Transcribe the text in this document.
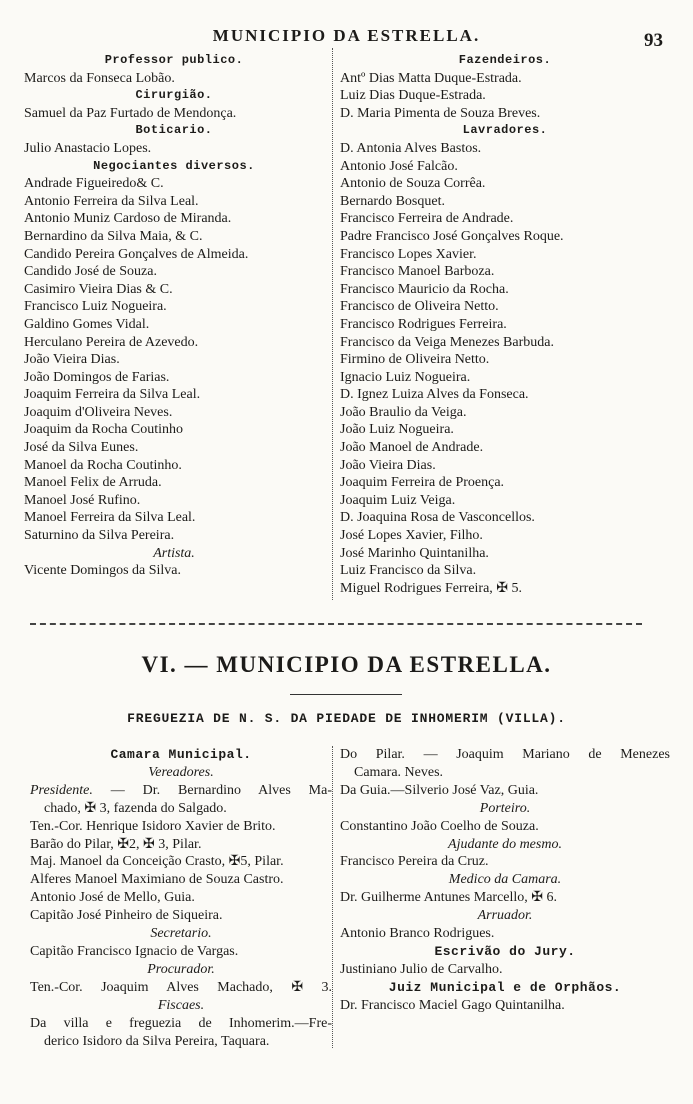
MUNICIPIO DA ESTRELLA.	93
Professor publico.
Marcos da Fonseca Lobão.
Cirurgião.
Samuel da Paz Furtado de Mendonça.
Boticario.
Julio Anastacio Lopes.
Negociantes diversos.
Andrade Figueiredo& C.
Antonio Ferreira da Silva Leal.
Antonio Muniz Cardoso de Miranda.
Bernardino da Silva Maia, & C.
Candido Pereira Gonçalves de Almeida.
Candido José de Souza.
Casimiro Vieira Dias & C.
Francisco Luiz Nogueira.
Galdino Gomes Vidal.
Herculano Pereira de Azevedo.
João Vieira Dias.
João Domingos de Farias.
Joaquim Ferreira da Silva Leal.
Joaquim d'Oliveira Neves.
Joaquim da Rocha Coutinho
José da Silva Eunes.
Manoel da Rocha Coutinho.
Manoel Felix de Arruda.
Manoel José Rufino.
Manoel Ferreira da Silva Leal.
Saturnino da Silva Pereira.
Artista.
Vicente Domingos da Silva.
Fazendeiros.
Antº Dias Matta Duque-Estrada.
Luiz Dias Duque-Estrada.
D. Maria Pimenta de Souza Breves.
Lavradores.
D. Antonia Alves Bastos.
Antonio José Falcão.
Antonio de Souza Corrêa.
Bernardo Bosquet.
Francisco Ferreira de Andrade.
Padre Francisco José Gonçalves Roque.
Francisco Lopes Xavier.
Francisco Manoel Barboza.
Francisco Mauricio da Rocha.
Francisco de Oliveira Netto.
Francisco Rodrigues Ferreira.
Francisco da Veiga Menezes Barbuda.
Firmino de Oliveira Netto.
Ignacio Luiz Nogueira.
D. Ignez Luiza Alves da Fonseca.
João Braulio da Veiga.
João Luiz Nogueira.
João Manoel de Andrade.
João Vieira Dias.
Joaquim Ferreira de Proença.
Joaquim Luiz Veiga.
D. Joaquina Rosa de Vasconcellos.
José Lopes Xavier, Filho.
José Marinho Quintanilha.
Luiz Francisco da Silva.
Miguel Rodrigues Ferreira, ✠ 5.
VI. — MUNICIPIO DA ESTRELLA.
FREGUEZIA DE N. S. DA PIEDADE DE INHOMERIM (VILLA).
Camara Municipal.
Vereadores.
Presidente. — Dr. Bernardino Alves Ma-
chado, ✠ 3, fazenda do Salgado.
Ten.-Cor. Henrique Isidoro Xavier de Brito.
Barão do Pilar, ✠2, ✠ 3, Pilar.
Maj. Manoel da Conceição Crasto, ✠5, Pilar.
Alferes Manoel Maximiano de Souza Castro.
Antonio José de Mello, Guia.
Capitão José Pinheiro de Siqueira.
Secretario.
Capitão Francisco Ignacio de Vargas.
Procurador.
Ten.-Cor. Joaquim Alves Machado, ✠ 3.
Fiscaes.
Da villa e freguezia de Inhomerim.—Fre-
derico Isidoro da Silva Pereira, Taquara.
Do Pilar. — Joaquim Mariano de Menezes
Camara. Neves.
Da Guia.—Silverio José Vaz, Guia.
Porteiro.
Constantino João Coelho de Souza.
Ajudante do mesmo.
Francisco Pereira da Cruz.
Medico da Camara.
Dr. Guilherme Antunes Marcello, ✠ 6.
Arruador.
Antonio Branco Rodrigues.
Escrivão do Jury.
Justiniano Julio de Carvalho.
Juiz Municipal e de Orphãos.
Dr. Francisco Maciel Gago Quintanilha.
